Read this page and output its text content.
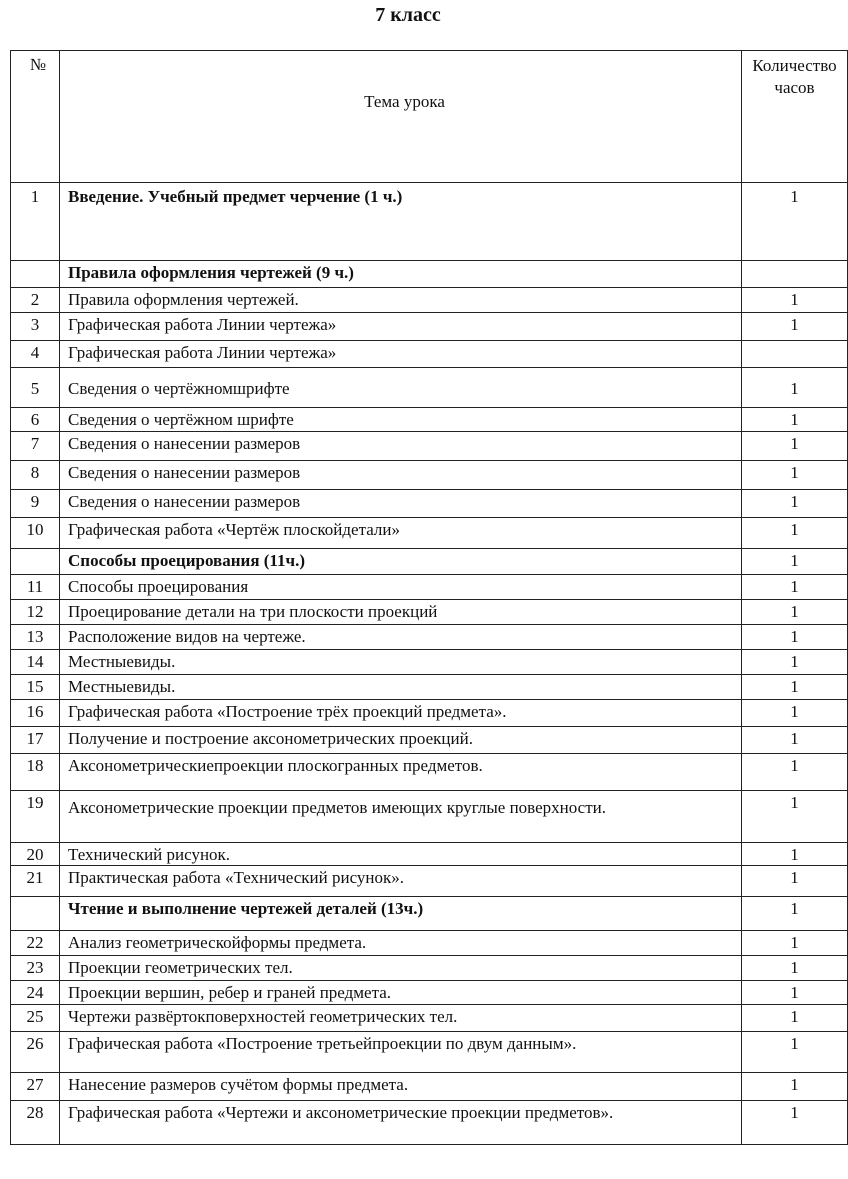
7 класс
№	Тема урока	Количество часов
1	Введение. Учебный предмет черчение (1 ч.)	1
	Правила оформления чертежей (9 ч.)	
2	Правила оформления чертежей.	1
3	Графическая работа Линии чертежа»	1
4	Графическая работа Линии чертежа»	
5	Сведения о чертёжномшрифте	1
6	Сведения о чертёжном шрифте	1
7	Сведения о нанесении размеров	1
8	Сведения о нанесении размеров	1
9	Сведения о нанесении размеров	1
10	Графическая работа «Чертёж плоскойдетали»	1
	Способы проецирования (11ч.)	1
11	Способы проецирования	1
12	Проецирование детали на три плоскости проекций	1
13	Расположение видов на чертеже.	1
14	Местныевиды.	1
15	Местныевиды.	1
16	Графическая работа «Построение трёх проекций предмета».	1
17	Получение и построение аксонометрических проекций.	1
18	Аксонометрическиепроекции плоскогранных предметов.	1
19	Аксонометрические проекции предметов имеющих круглые поверхности.	1
20	Технический рисунок.	1
21	Практическая работа «Технический рисунок».	1
	Чтение и выполнение чертежей деталей (13ч.)	1
22	Анализ геометрическойформы предмета.	1
23	Проекции геометрических тел.	1
24	Проекции вершин, ребер и граней предмета.	1
25	Чертежи развёртокповерхностей геометрических тел.	1
26	Графическая работа «Построение третьейпроекции по двум данным».	1
27	Нанесение размеров сучётом формы предмета.	1
28	Графическая работа «Чертежи и аксонометрические проекции предметов».	1
